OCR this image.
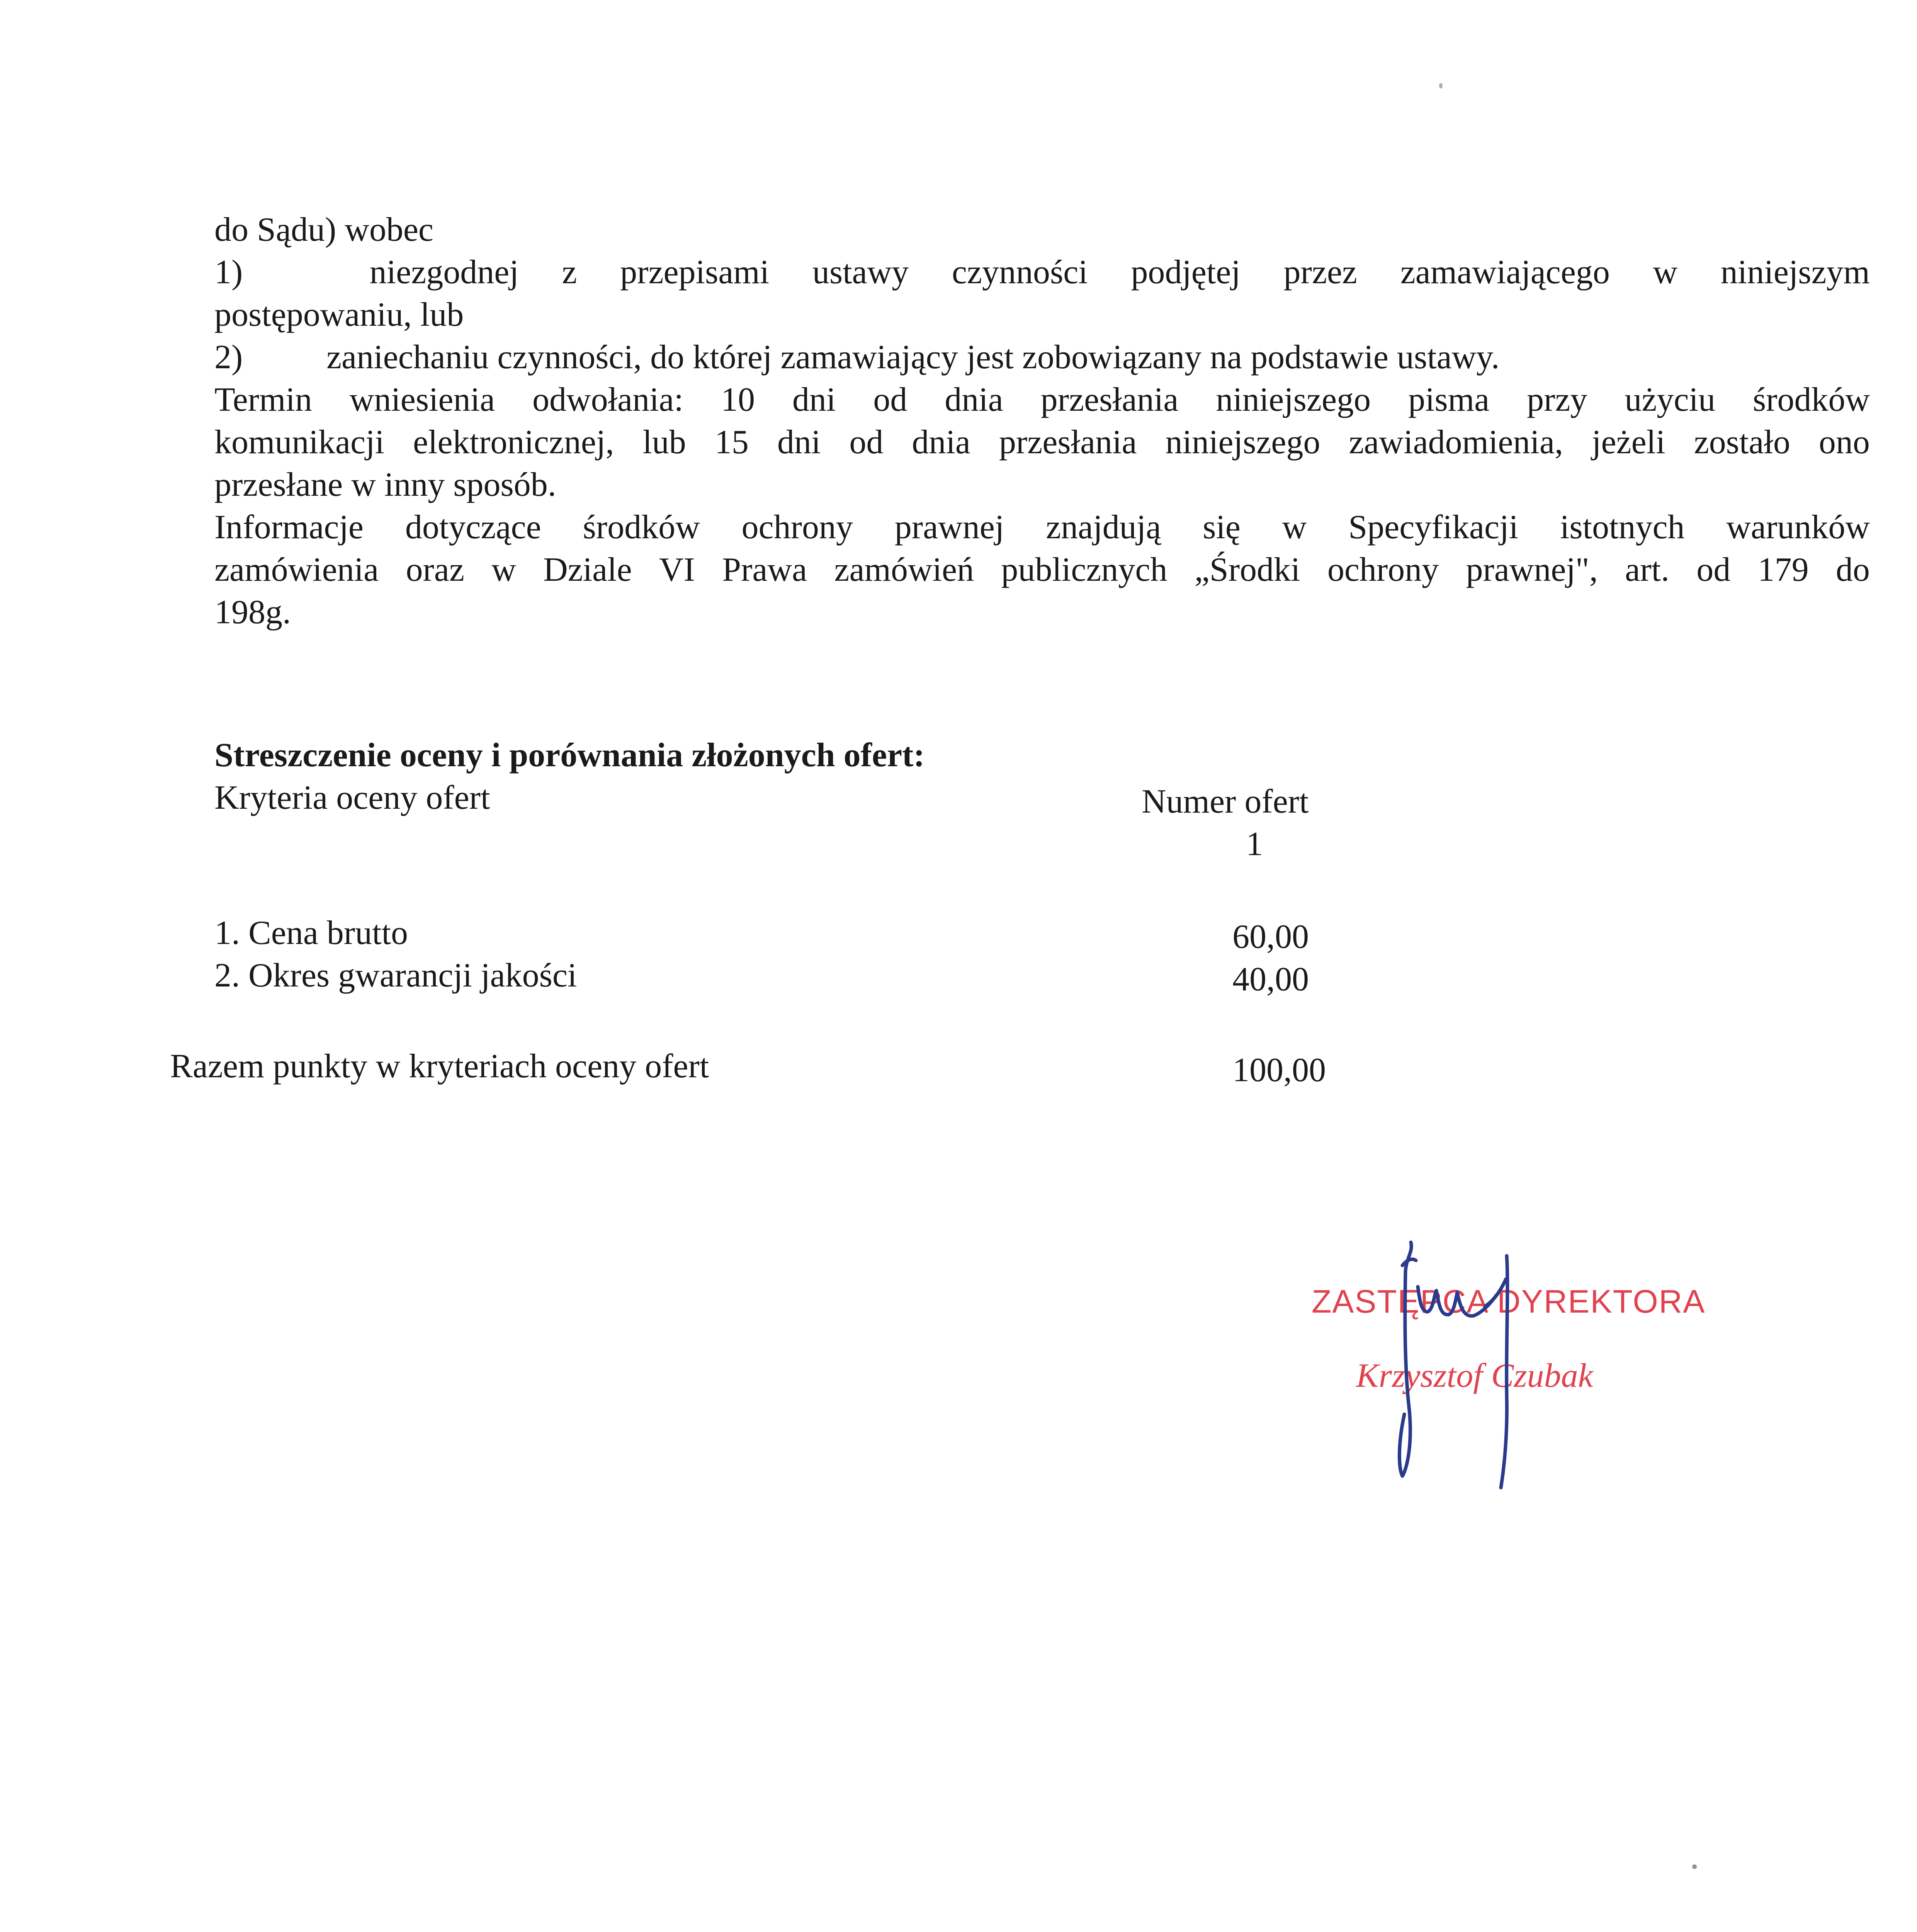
do Sądu) wobec
1)	niezgodnej z przepisami ustawy czynności podjętej przez zamawiającego w niniejszym
postępowaniu, lub
2) zaniechaniu czynności, do której zamawiający jest zobowiązany na podstawie ustawy.
Termin wniesienia odwołania: 10 dni od dnia przesłania niniejszego pisma przy użyciu środków
komunikacji elektronicznej, lub 15 dni od dnia przesłania niniejszego zawiadomienia, jeżeli zostało ono
przesłane w inny sposób.
Informacje dotyczące środków ochrony prawnej znajdują się w Specyfikacji istotnych warunków
zamówienia oraz w Dziale VI Prawa zamówień publicznych „Środki ochrony prawnej", art. od 179 do
198g.
Streszczenie oceny i porównania złożonych ofert:
Kryteria oceny ofert	Numer ofert
1
1. Cena brutto	60,00
2. Okres gwarancji jakości	40,00
Razem punkty w kryteriach oceny ofert	100,00
ZASTĘPCA DYREKTORA
Krzysztof Czubak
